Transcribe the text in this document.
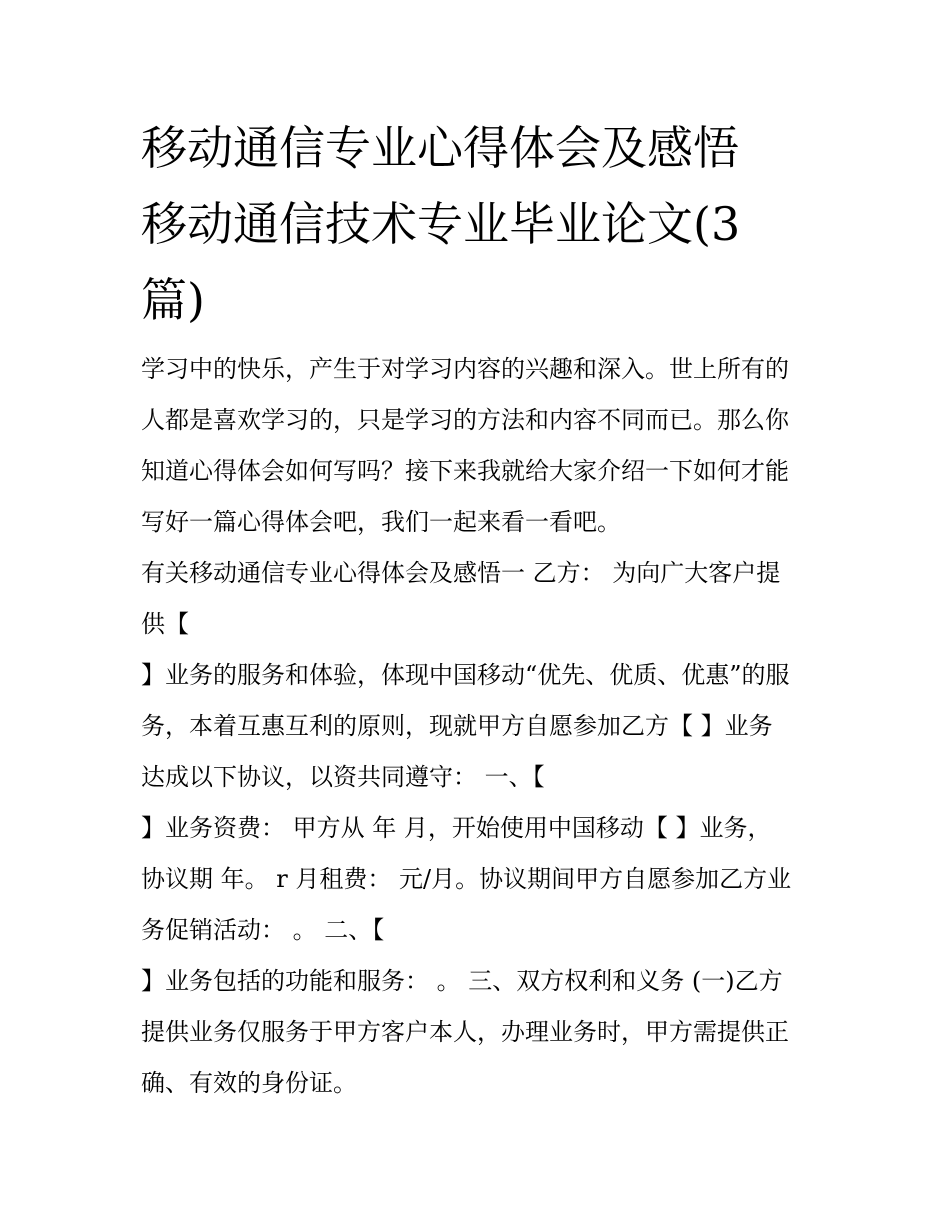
移动通信专业心得体会及感悟
移动通信技术专业毕业论文(3
篇)
学习中的快乐，产生于对学习内容的兴趣和深入。世上所有的
人都是喜欢学习的，只是学习的方法和内容不同而已。那么你
知道心得体会如何写吗？接下来我就给大家介绍一下如何才能
写好一篇心得体会吧，我们一起来看一看吧。
有关移动通信专业心得体会及感悟一 乙方： 为向广大客户提
供【
】业务的服务和体验，体现中国移动“优先、优质、优惠”的服
务，本着互惠互利的原则，现就甲方自愿参加乙方【 】业务
达成以下协议，以资共同遵守： 一、【
】业务资费： 甲方从 年 月，开始使用中国移动【 】业务，
协议期 年。 r 月租费： 元/月。协议期间甲方自愿参加乙方业
务促销活动： 。 二、【
】业务包括的功能和服务： 。 三、双方权利和义务 (一)乙方
提供业务仅服务于甲方客户本人，办理业务时，甲方需提供正
确、有效的身份证。
